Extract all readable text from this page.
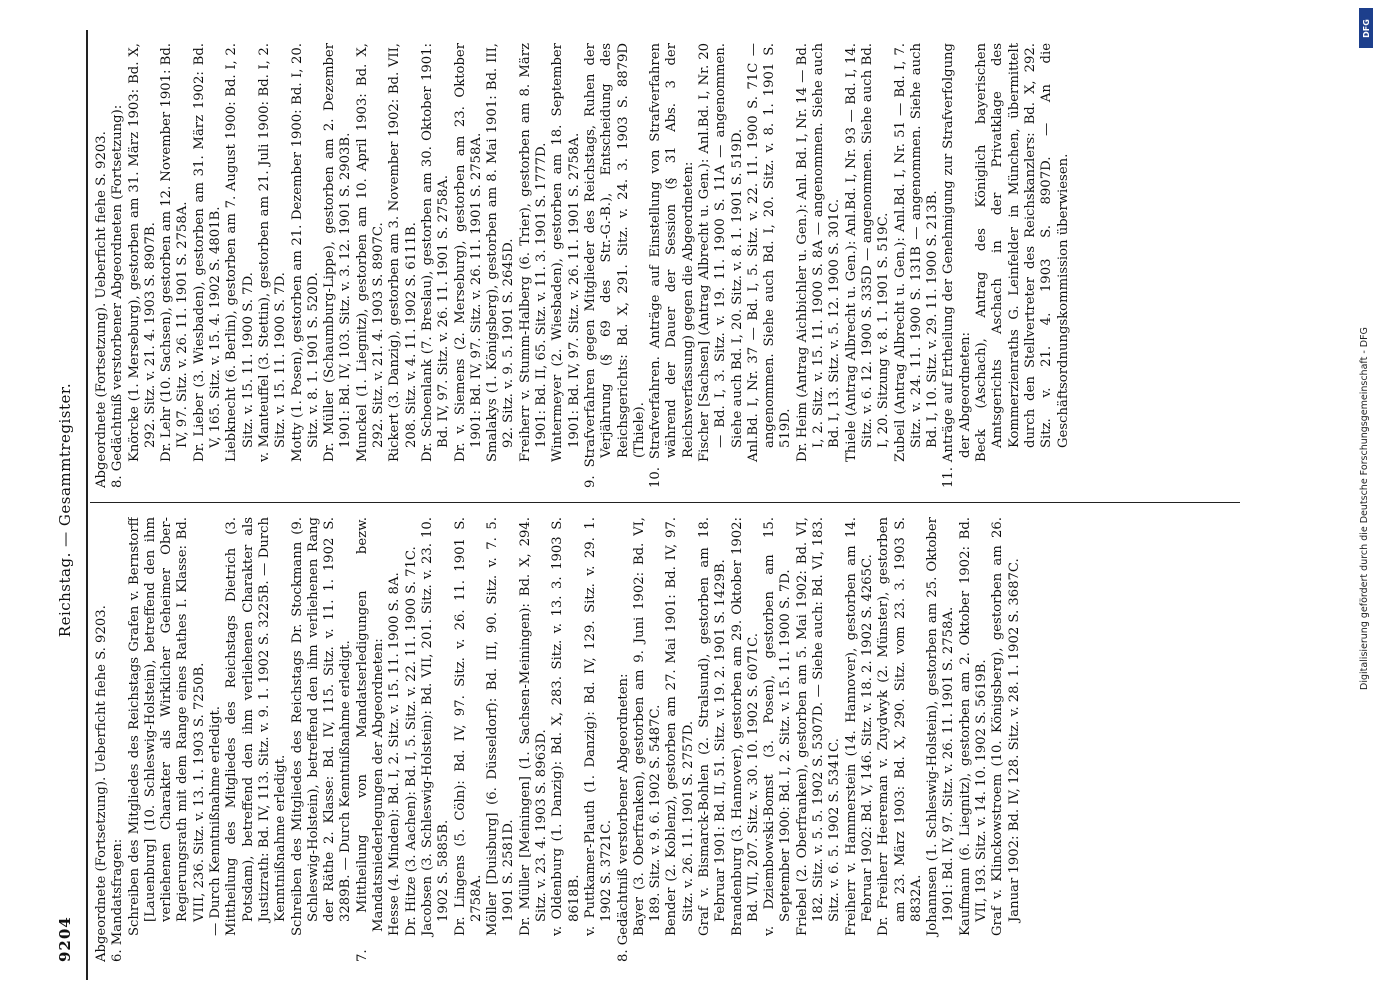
9204
Reichstag. — Gesammtregister.

Abgeordnete (Fortsetzung). Ueberficht fiehe S. 9203. 6. Mandatsfragen: Schreiben des Mitgliedes des Reichstags Grafen v. Bernstorff [Lauenburg] (10. Schleswig-Holstein), betreffend den ihm verliehenen Charakter als Wirklicher Geheimer Ober-Regierungsrath mit dem Range eines Rathes I. Klasse: Bd. VIII, 236. Sitz. v. 13. 1. 1903 S. 7250B. — Durch Kenntnißnahme erledigt. Mittheilung des Mitgliedes des Reichstags Dietrich (3. Potsdam), betreffend den ihm verliehenen Charakter als Justizrath: Bd. IV, 113. Sitz. v. 9. 1. 1902 S. 3225B. — Durch Kenntnißnahme erledigt. Schreiben des Mitgliedes des Reichstags Dr. Stockmann (9. Schleswig-Holstein), betreffend den ihm verliehenen Rang der Räthe 2. Klasse: Bd. IV, 115. Sitz. v. 11. 1. 1902 S. 3289B. — Durch Kenntnißnahme erledigt. 7. Mittheilung von Mandatserledigungen bezw. Mandatsniederlegungen der Abgeordneten: Hesse (4. Minden): Bd. I, 2. Sitz. v. 15. 11. 1900 S. 8A. Dr. Hitze (3. Aachen): Bd. I, 5. Sitz. v. 22. 11. 1900 S. 71C. Jacobsen (3. Schleswig-Holstein): Bd. VII, 201. Sitz. v. 23. 10. 1902 S. 5885B. Dr. Lingens (5. Cöln): Bd. IV, 97. Sitz. v. 26. 11. 1901 S. 2758A. Möller [Duisburg] (6. Düsseldorf): Bd. III, 90. Sitz. v. 7. 5. 1901 S. 2581D. Dr. Müller [Meiningen] (1. Sachsen-Meiningen): Bd. X, 294. Sitz. v. 23. 4. 1903 S. 8963D. v. Oldenburg (1. Danzig): Bd. X, 283. Sitz. v. 13. 3. 1903 S. 8618B. v. Puttkamer-Plauth (1. Danzig): Bd. IV, 129. Sitz. v. 29. 1. 1902 S. 3721C. 8. Gedächtniß verstorbener Abgeordneten: Bayer (3. Oberfranken), gestorben am 9. Juni 1902: Bd. VI, 189. Sitz. v. 9. 6. 1902 S. 5487C. Bender (2. Koblenz), gestorben am 27. Mai 1901: Bd. IV, 97. Sitz. v. 26. 11. 1901 S. 2757D. Graf v. Bismarck-Bohlen (2. Stralsund), gestorben am 18. Februar 1901: Bd. II, 51. Sitz. v. 19. 2. 1901 S. 1429B. Brandenburg (3. Hannover), gestorben am 29. Oktober 1902: Bd. VII, 207. Sitz. v. 30. 10. 1902 S. 6071C. v. Dziembowski-Bomst (3. Posen), gestorben am 15. September 1900: Bd. I, 2. Sitz. v. 15. 11. 1900 S. 7D. Friebel (2. Oberfranken), gestorben am 5. Mai 1902: Bd. VI, 182. Sitz. v. 5. 5. 1902 S. 5307D. — Siehe auch: Bd. VI, 183. Sitz. v. 6. 5. 1902 S. 5341C. Freiherr v. Hammerstein (14. Hannover), gestorben am 14. Februar 1902: Bd. V, 146. Sitz. v. 18. 2. 1902 S. 4265C. Dr. Freiherr Heereman v. Zuydwyk (2. Münster), gestorben am 23. März 1903: Bd. X, 290. Sitz. vom 23. 3. 1903 S. 8832A. Johannsen (1. Schleswig-Holstein), gestorben am 25. Oktober 1901: Bd. IV, 97. Sitz. v. 26. 11. 1901 S. 2758A. Kaufmann (6. Liegnitz), gestorben am 2. Oktober 1902: Bd. VII, 193. Sitz. v. 14. 10. 1902 S. 5619B. Graf v. Klinckowstroem (10. Königsberg), gestorben am 26. Januar 1902: Bd. IV, 128. Sitz. v. 28. 1. 1902 S. 3687C.

Abgeordnete (Fortsetzung). Ueberficht fiehe S. 9203. 8. Gedächtniß verstorbener Abgeordneten (Fortsetzung): Knörcke (1. Merseburg), gestorben am 31. März 1903: Bd. X, 292. Sitz. v. 21. 4. 1903 S. 8907B. Dr. Lehr (10. Sachsen), gestorben am 12. November 1901: Bd. IV, 97. Sitz. v. 26. 11. 1901 S. 2758A. Dr. Lieber (3. Wiesbaden), gestorben am 31. März 1902: Bd. V, 165. Sitz. v. 15. 4. 1902 S. 4801B. Liebknecht (6. Berlin), gestorben am 7. August 1900: Bd. I, 2. Sitz. v. 15. 11. 1900 S. 7D. v. Manteuffel (3. Stettin), gestorben am 21. Juli 1900: Bd. I, 2. Sitz. v. 15. 11. 1900 S. 7D. Motty (1. Posen), gestorben am 21. Dezember 1900: Bd. I, 20. Sitz. v. 8. 1. 1901 S. 520D. Dr. Müller (Schaumburg-Lippe), gestorben am 2. Dezember 1901: Bd. IV, 103. Sitz. v. 3. 12. 1901 S. 2903B. Munckel (1. Liegnitz), gestorben am 10. April 1903: Bd. X, 292. Sitz. v. 21. 4. 1903 S. 8907C. Rickert (3. Danzig), gestorben am 3. November 1902: Bd. VII, 208. Sitz. v. 4. 11. 1902 S. 6111B. Dr. Schoenlank (7. Breslau), gestorben am 30. Oktober 1901: Bd. IV, 97. Sitz. v. 26. 11. 1901 S. 2758A. Dr. v. Siemens (2. Merseburg), gestorben am 23. Oktober 1901: Bd. IV, 97. Sitz. v. 26. 11. 1901 S. 2758A. Smalakys (1. Königsberg), gestorben am 8. Mai 1901: Bd. III, 92. Sitz. v. 9. 5. 1901 S. 2645D. Freiherr v. Stumm-Halberg (6. Trier), gestorben am 8. März 1901: Bd. II, 65. Sitz. v. 11. 3. 1901 S. 1777D. Wintermeyer (2. Wiesbaden), gestorben am 18. September 1901: Bd. IV, 97. Sitz. v. 26. 11. 1901 S. 2758A. 9. Strafverfahren gegen Mitglieder des Reichstags, Ruhen der Verjährung (§ 69 des Str.-G.-B.), Entscheidung des Reichsgerichts: Bd. X, 291. Sitz. v. 24. 3. 1903 S. 8879D (Thiele). 10. Strafverfahren. Anträge auf Einstellung von Strafverfahren während der Dauer der Session (§ 31 Abs. 3 der Reichsverfassung) gegen die Abgeordneten: Fischer [Sachsen] (Antrag Albrecht u. Gen.): Anl.Bd. I, Nr. 20 — Bd. I, 3. Sitz. v. 19. 11. 1900 S. 11A — angenommen. Siehe auch Bd. I, 20. Sitz. v. 8. 1. 1901 S. 519D. Anl.Bd. I, Nr. 37 — Bd. I, 5. Sitz. v. 22. 11. 1900 S. 71C — angenommen. Siehe auch Bd. I, 20. Sitz. v. 8. 1. 1901 S. 519D. Dr. Heim (Antrag Aichbichler u. Gen.): Anl. Bd. I, Nr. 14 — Bd. I, 2. Sitz. v. 15. 11. 1900 S. 8A — angenommen. Siehe auch Bd. I, 13. Sitz. v. 5. 12. 1900 S. 301C. Thiele (Antrag Albrecht u. Gen.): Anl.Bd. I, Nr. 93 — Bd. I, 14. Sitz. v. 6. 12. 1900 S. 335D — angenommen. Siehe auch Bd. I, 20. Sitzung v. 8. 1. 1901 S. 519C. Zubeil (Antrag Albrecht u. Gen.): Anl.Bd. I, Nr. 51 — Bd. I, 7. Sitz. v. 24. 11. 1900 S. 131B — angenommen. Siehe auch Bd. I, 10. Sitz. v. 29. 11. 1900 S. 213B. 11. Anträge auf Ertheilung der Genehmigung zur Strafverfolgung der Abgeordneten: Beck (Aschach), Antrag des Königlich bayerischen Amtsgerichts Aschach in der Privatklage des Kommerzienraths G. Leinfelder in München, übermittelt durch den Stellvertreter des Reichskanzlers: Bd. X, 292. Sitz. v. 21. 4. 1903 S. 8907D. — An die Geschäftsordnungskommission überwiesen.

DFG
Digitalisierung gefördert durch die Deutsche Forschungsgemeinschaft - DFG
